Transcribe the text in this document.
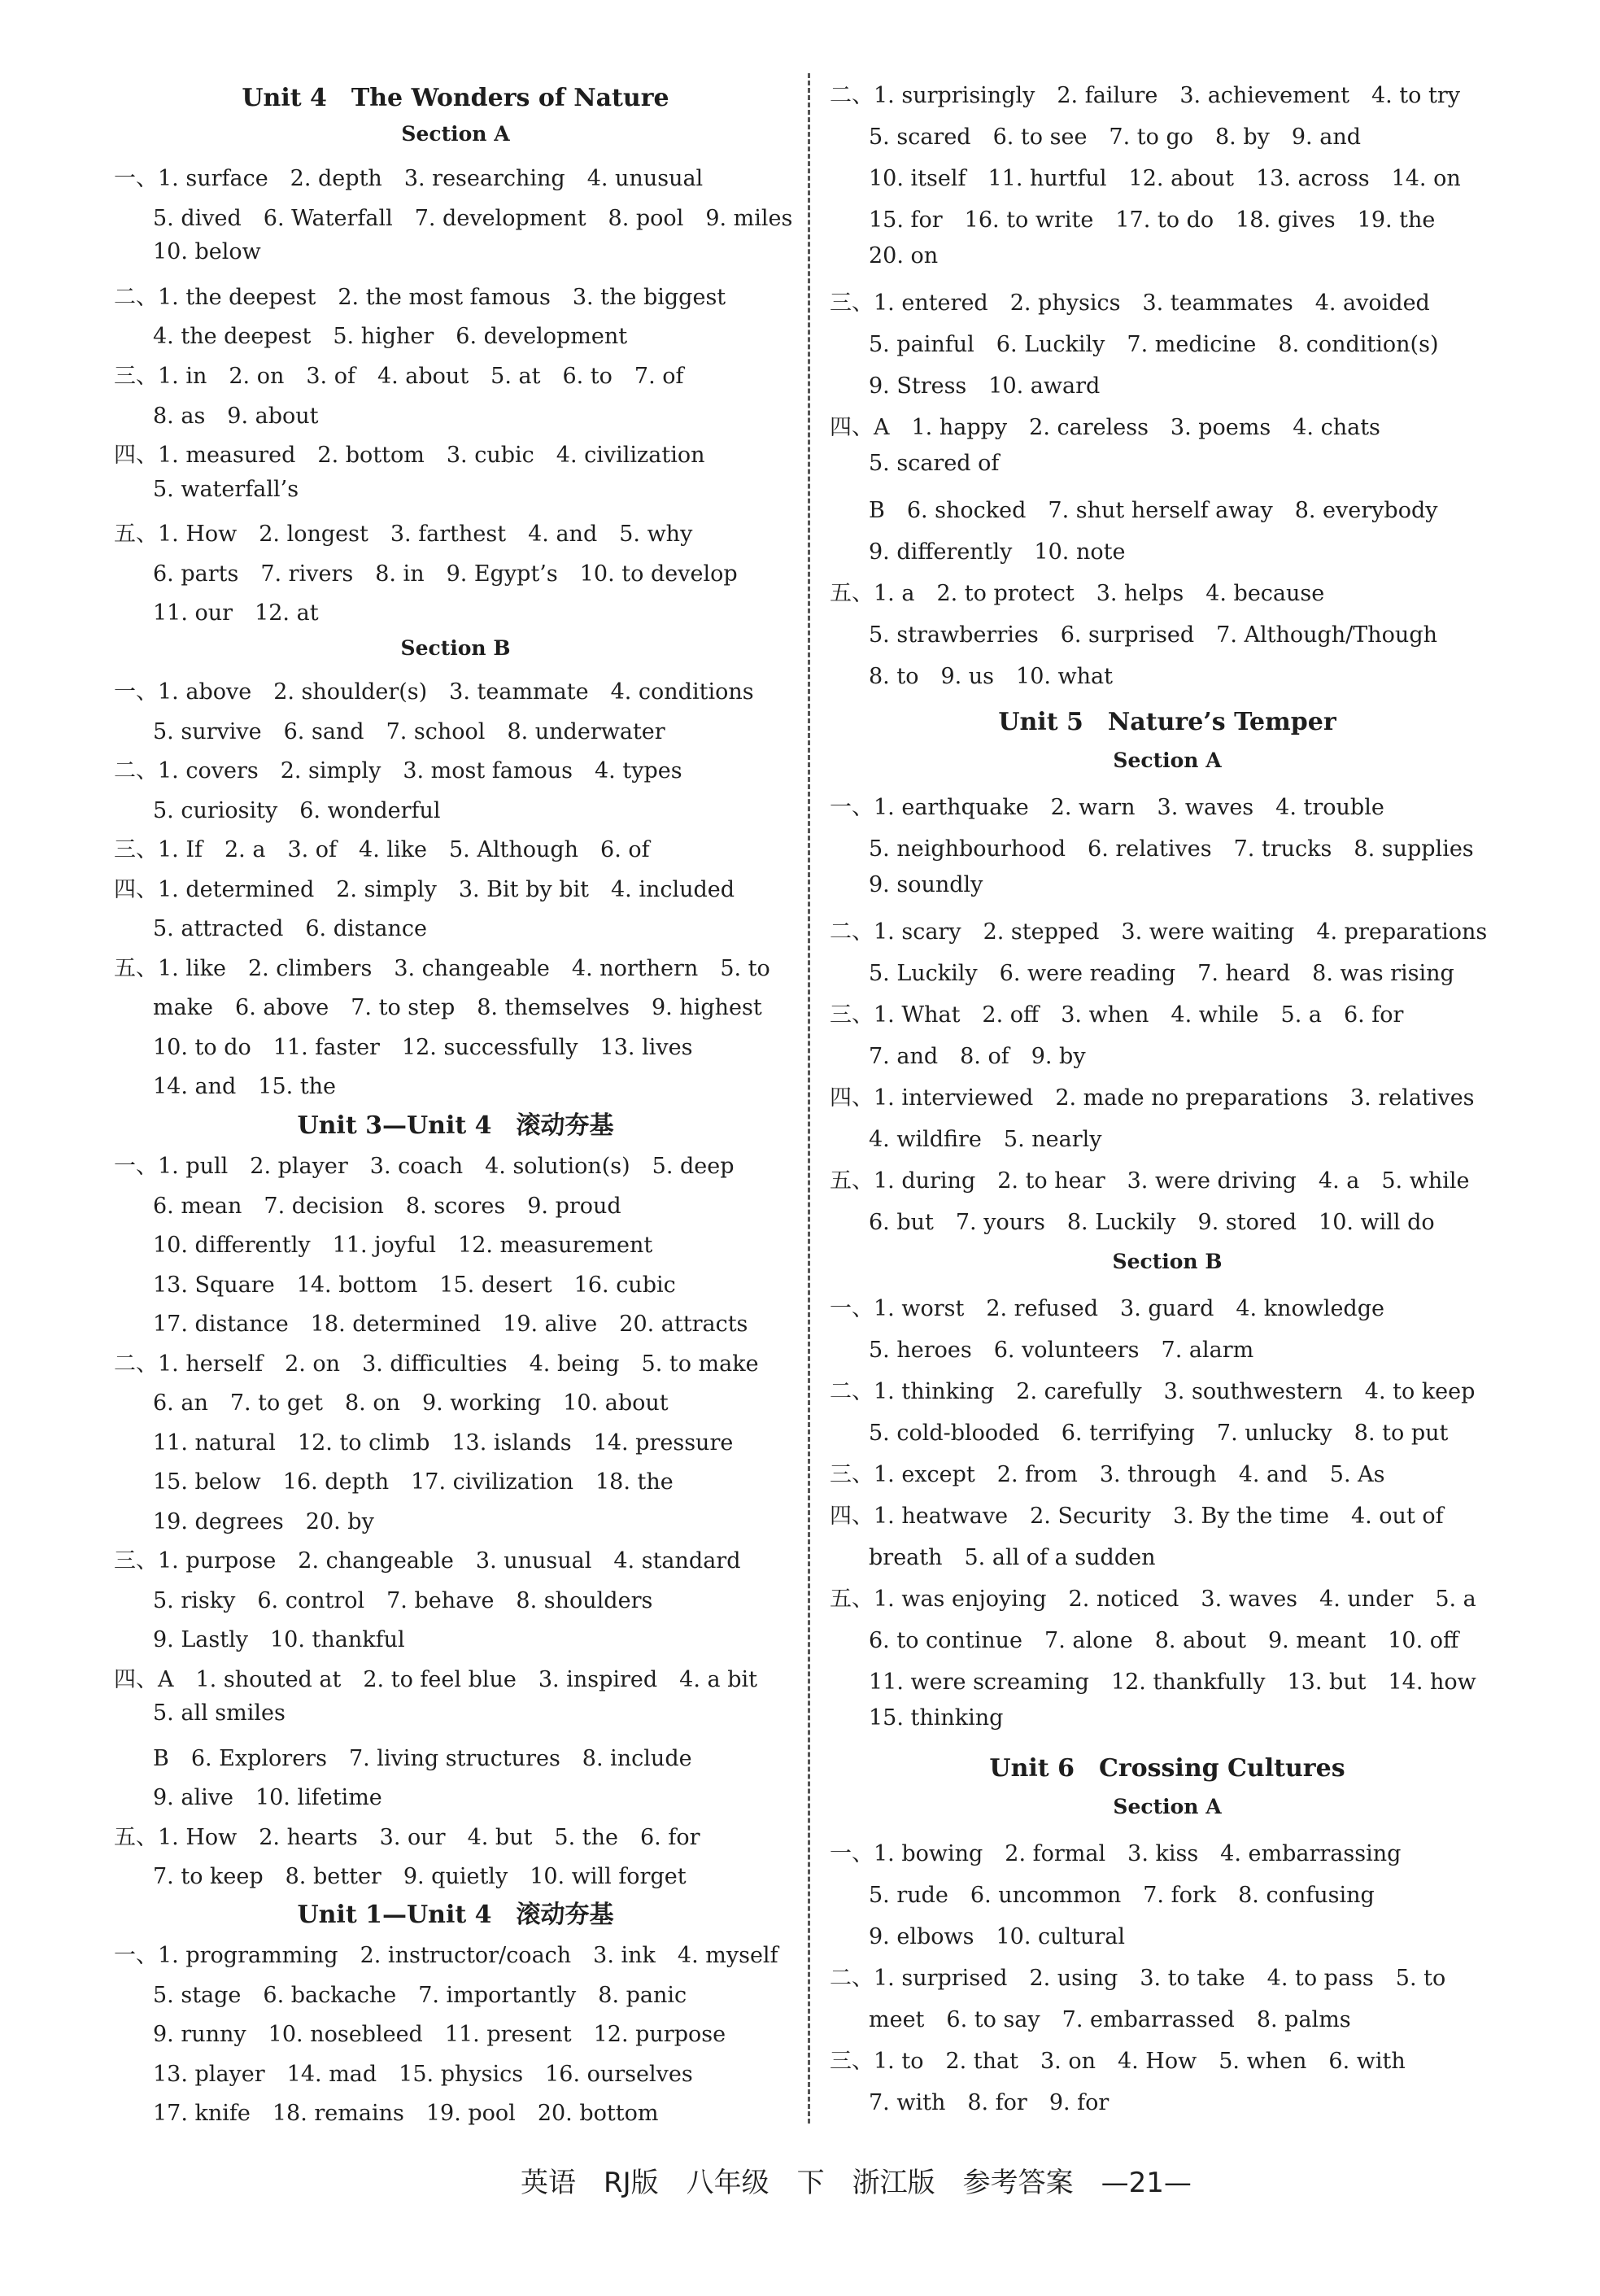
Unit 4　The Wonders of Nature
Section A
一、1. surface　2. depth　3. researching　4. unusual
5. dived　6. Waterfall　7. development　8. pool　9. miles
10. below
二、1. the deepest　2. the most famous　3. the biggest
4. the deepest　5. higher　6. development
三、1. in　2. on　3. of　4. about　5. at　6. to　7. of
8. as　9. about
四、1. measured　2. bottom　3. cubic　4. civilization
5. waterfall’s
五、1. How　2. longest　3. farthest　4. and　5. why
6. parts　7. rivers　8. in　9. Egypt’s　10. to develop
11. our　12. at
Section B
一、1. above　2. shoulder(s)　3. teammate　4. conditions
5. survive　6. sand　7. school　8. underwater
二、1. covers　2. simply　3. most famous　4. types
5. curiosity　6. wonderful
三、1. If　2. a　3. of　4. like　5. Although　6. of
四、1. determined　2. simply　3. Bit by bit　4. included
5. attracted　6. distance
五、1. like　2. climbers　3. changeable　4. northern　5. to
make　6. above　7. to step　8. themselves　9. highest
10. to do　11. faster　12. successfully　13. lives
14. and　15. the
Unit 3—Unit 4　滚动夯基
一、1. pull　2. player　3. coach　4. solution(s)　5. deep
6. mean　7. decision　8. scores　9. proud
10. differently　11. joyful　12. measurement
13. Square　14. bottom　15. desert　16. cubic
17. distance　18. determined　19. alive　20. attracts
二、1. herself　2. on　3. difficulties　4. being　5. to make
6. an　7. to get　8. on　9. working　10. about
11. natural　12. to climb　13. islands　14. pressure
15. below　16. depth　17. civilization　18. the
19. degrees　20. by
三、1. purpose　2. changeable　3. unusual　4. standard
5. risky　6. control　7. behave　8. shoulders
9. Lastly　10. thankful
四、A　1. shouted at　2. to feel blue　3. inspired　4. a bit
5. all smiles
B　6. Explorers　7. living structures　8. include
9. alive　10. lifetime
五、1. How　2. hearts　3. our　4. but　5. the　6. for
7. to keep　8. better　9. quietly　10. will forget
Unit 1—Unit 4　滚动夯基
一、1. programming　2. instructor/coach　3. ink　4. myself
5. stage　6. backache　7. importantly　8. panic
9. runny　10. nosebleed　11. present　12. purpose
13. player　14. mad　15. physics　16. ourselves
17. knife　18. remains　19. pool　20. bottom
二、1. surprisingly　2. failure　3. achievement　4. to try
5. scared　6. to see　7. to go　8. by　9. and
10. itself　11. hurtful　12. about　13. across　14. on
15. for　16. to write　17. to do　18. gives　19. the
20. on
三、1. entered　2. physics　3. teammates　4. avoided
5. painful　6. Luckily　7. medicine　8. condition(s)
9. Stress　10. award
四、A　1. happy　2. careless　3. poems　4. chats
5. scared of
B　6. shocked　7. shut herself away　8. everybody
9. differently　10. note
五、1. a　2. to protect　3. helps　4. because
5. strawberries　6. surprised　7. Although/Though
8. to　9. us　10. what
Unit 5　Nature’s Temper
Section A
一、1. earthquake　2. warn　3. waves　4. trouble
5. neighbourhood　6. relatives　7. trucks　8. supplies
9. soundly
二、1. scary　2. stepped　3. were waiting　4. preparations
5. Luckily　6. were reading　7. heard　8. was rising
三、1. What　2. off　3. when　4. while　5. a　6. for
7. and　8. of　9. by
四、1. interviewed　2. made no preparations　3. relatives
4. wildfire　5. nearly
五、1. during　2. to hear　3. were driving　4. a　5. while
6. but　7. yours　8. Luckily　9. stored　10. will do
Section B
一、1. worst　2. refused　3. guard　4. knowledge
5. heroes　6. volunteers　7. alarm
二、1. thinking　2. carefully　3. southwestern　4. to keep
5. cold-blooded　6. terrifying　7. unlucky　8. to put
三、1. except　2. from　3. through　4. and　5. As
四、1. heatwave　2. Security　3. By the time　4. out of
breath　5. all of a sudden
五、1. was enjoying　2. noticed　3. waves　4. under　5. a
6. to continue　7. alone　8. about　9. meant　10. off
11. were screaming　12. thankfully　13. but　14. how
15. thinking
Unit 6　Crossing Cultures
Section A
一、1. bowing　2. formal　3. kiss　4. embarrassing
5. rude　6. uncommon　7. fork　8. confusing
9. elbows　10. cultural
二、1. surprised　2. using　3. to take　4. to pass　5. to
meet　6. to say　7. embarrassed　8. palms
三、1. to　2. that　3. on　4. How　5. when　6. with
7. with　8. for　9. for
英语　RJ版　八年级　下　浙江版　参考答案　—21—
